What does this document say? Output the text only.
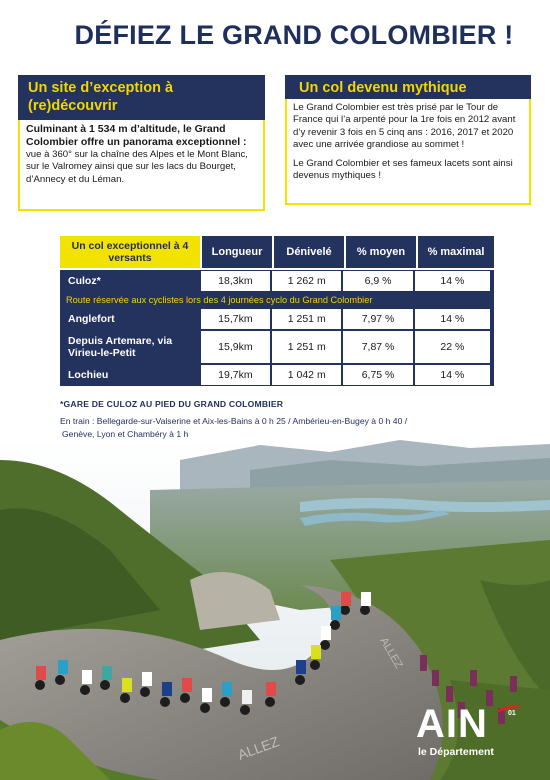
DÉFIEZ LE GRAND COLOMBIER !
Un site d’exception à (re)découvrir
Culminant à 1 534 m d’altitude, le Grand Colombier offre un panorama exceptionnel :
vue à 360° sur la chaîne des Alpes et le Mont Blanc, sur le Valromey ainsi que sur les lacs du Bourget, d’Annecy et du Léman.
Un col devenu mythique

Le Grand Colombier est très prisé par le Tour de France qui l’a arpenté pour la 1re fois en 2012 avant d’y revenir 3 fois en 5 cinq ans : 2016, 2017 et 2020 avec une arrivée grandiose au sommet !

Le Grand Colombier et ses fameux lacets sont ainsi devenus mythiques !

Un col exceptionnel à 4 versants	Longueur	Dénivelé	% moyen	% maximal
Culoz*	18,3km	1 262 m	6,9 %	14 %
Route réservée aux cyclistes lors des 4 journées cyclo du Grand Colombier
Anglefort	15,7km	1 251 m	7,97 %	14 %
Depuis Artemare, via Virieu-le-Petit	15,9km	1 251 m	7,87 %	22 %
Lochieu	19,7km	1 042 m	6,75 %	14 %
*GARE DE CULOZ AU PIED DU GRAND COLOMBIER
En train : Bellegarde-sur-Valserine et Aix-les-Bains à 0 h 25 / Ambérieu-en-Bugey à 0 h 40 /
Genève, Lyon et Chambéry à 1 h
ALLEZ
ALLEZ
AIN	01
le Département
